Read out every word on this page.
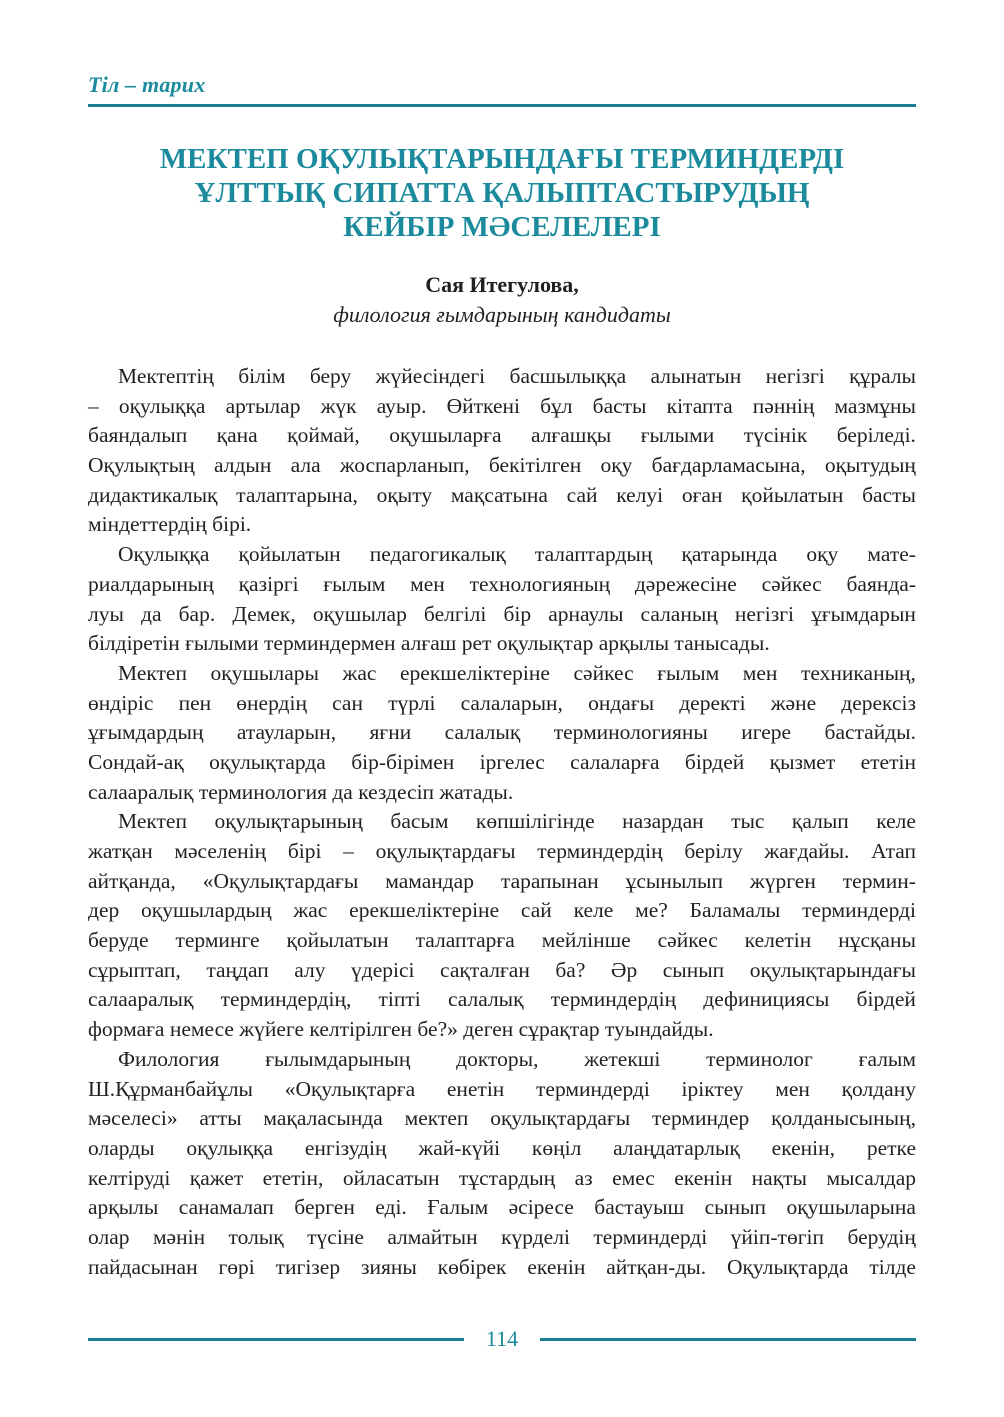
Тіл – тарих
МЕКТЕП ОҚУЛЫҚТАРЫНДАҒЫ ТЕРМИНДЕРДІ
ҰЛТТЫҚ СИПАТТА ҚАЛЫПТАСТЫРУДЫҢ
КЕЙБІР МӘСЕЛЕЛЕРІ
Сая Итегулова,
филология ғымдарының кандидаты
Мектептің білім беру жүйесіндегі басшылыққа алынатын негізгі құралы
– оқулыққа артылар жүк ауыр. Өйткені бұл басты кітапта пәннің мазмұны
баяндалып қана қоймай, оқушыларға алғашқы ғылыми түсінік беріледі.
Оқулықтың алдын ала жоспарланып, бекітілген оқу бағдарламасына, оқытудың
дидактикалық талаптарына, оқыту мақсатына сай келуі оған қойылатын басты
міндеттердің бірі.
Оқулыққа қойылатын педагогикалық талаптардың қатарында оқу мате-
риалдарының қазіргі ғылым мен технологияның дәрежесіне сәйкес баянда-
луы да бар. Демек, оқушылар белгілі бір арнаулы саланың негізгі ұғымдарын
білдіретін ғылыми терминдермен алғаш рет оқулықтар арқылы танысады.
Мектеп оқушылары жас ерекшеліктеріне сәйкес ғылым мен техниканың,
өндіріс пен өнердің сан түрлі салаларын, ондағы деректі және дерексіз
ұғымдардың атауларын, яғни салалық терминологияны игере бастайды.
Сондай-ақ оқулықтарда бір-бірімен іргелес салаларға бірдей қызмет ететін
салааралық терминология да кездесіп жатады.
Мектеп оқулықтарының басым көпшілігінде назардан тыс қалып келе
жатқан мәселенің бірі – оқулықтардағы терминдердің берілу жағдайы. Атап
айтқанда, «Оқулықтардағы мамандар тарапынан ұсынылып жүрген термин-
дер оқушылардың жас ерекшеліктеріне сай келе ме? Баламалы терминдерді
беруде терминге қойылатын талаптарға мейлінше сәйкес келетін нұсқаны
сұрыптап, таңдап алу үдерісі сақталған ба? Әр сынып оқулықтарындағы
салааралық терминдердің, тіпті салалық терминдердің дефинициясы бірдей
формаға немесе жүйеге келтірілген бе?» деген сұрақтар туындайды.
Филология ғылымдарының докторы, жетекші терминолог ғалым
Ш.Құрманбайұлы «Оқулықтарға енетін терминдерді іріктеу мен қолдану
мәселесі» атты мақаласында мектеп оқулықтардағы терминдер қолданысының,
оларды оқулыққа енгізудің жай-күйі көңіл алаңдатарлық екенін, ретке
келтіруді қажет ететін, ойласатын тұстардың аз емес екенін нақты мысалдар
арқылы санамалап берген еді. Ғалым әсіресе бастауыш сынып оқушыларына
олар мәнін толық түсіне алмайтын күрделі терминдерді үйіп-төгіп берудің
пайдасынан гөрі тигізер зияны көбірек екенін айтқан-ды. Оқулықтарда тілде
114
